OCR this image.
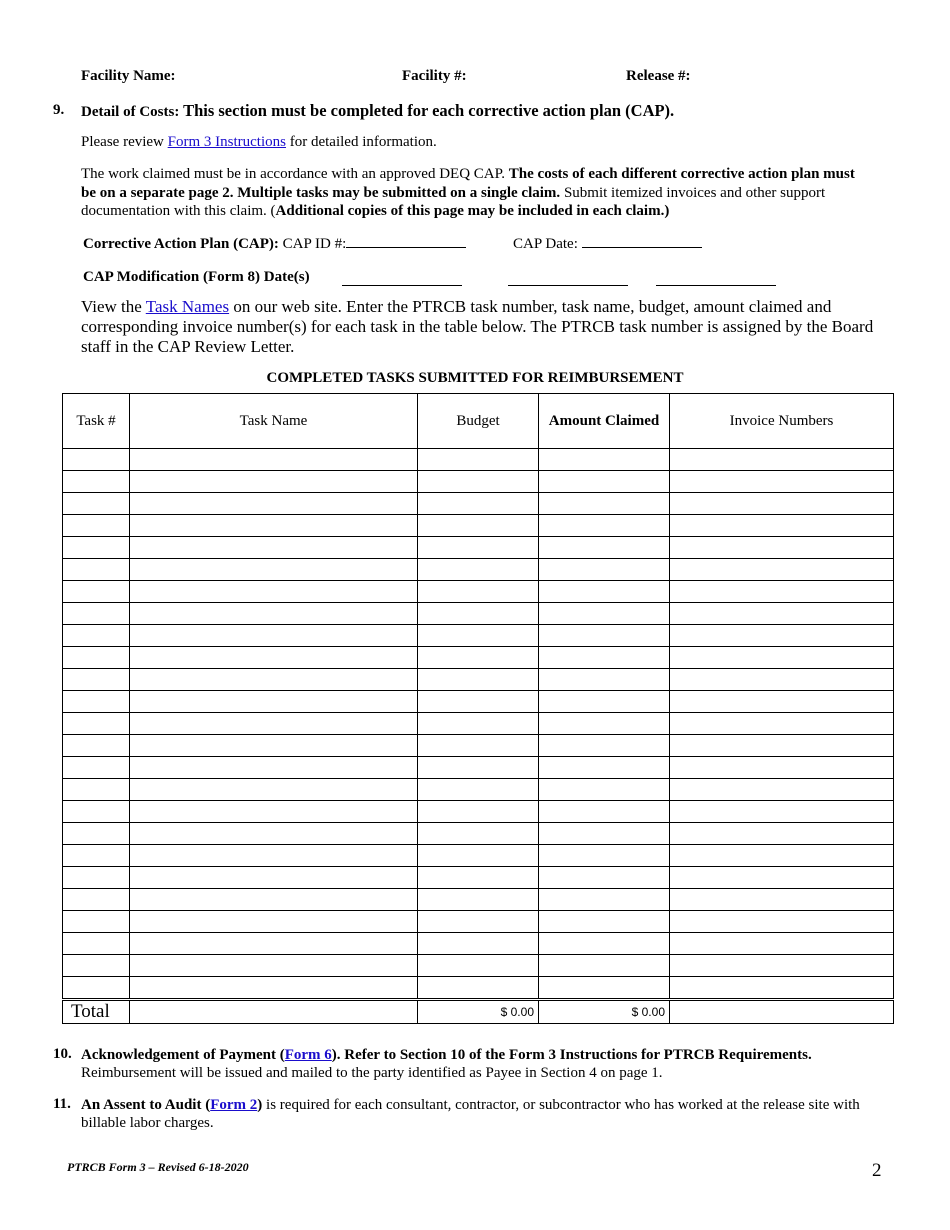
Facility Name:	Facility #:	Release #:
9. Detail of Costs: This section must be completed for each corrective action plan (CAP).
Please review Form 3 Instructions for detailed information.
The work claimed must be in accordance with an approved DEQ CAP. The costs of each different corrective action plan must be on a separate page 2. Multiple tasks may be submitted on a single claim. Submit itemized invoices and other support documentation with this claim. (Additional copies of this page may be included in each claim.)
Corrective Action Plan (CAP): CAP ID #:	CAP Date:
CAP Modification (Form 8) Date(s)
View the Task Names on our web site. Enter the PTRCB task number, task name, budget, amount claimed and corresponding invoice number(s) for each task in the table below. The PTRCB task number is assigned by the Board staff in the CAP Review Letter.
COMPLETED TASKS SUBMITTED FOR REIMBURSEMENT
Task #	Task Name	Budget	Amount Claimed	Invoice Numbers

Total		$ 0.00	$ 0.00	
10. Acknowledgement of Payment (Form 6). Refer to Section 10 of the Form 3 Instructions for PTRCB Requirements.
Reimbursement will be issued and mailed to the party identified as Payee in Section 4 on page 1.
11. An Assent to Audit (Form 2) is required for each consultant, contractor, or subcontractor who has worked at the release site with billable labor charges.
PTRCB Form 3 – Revised 6-18-2020	2
